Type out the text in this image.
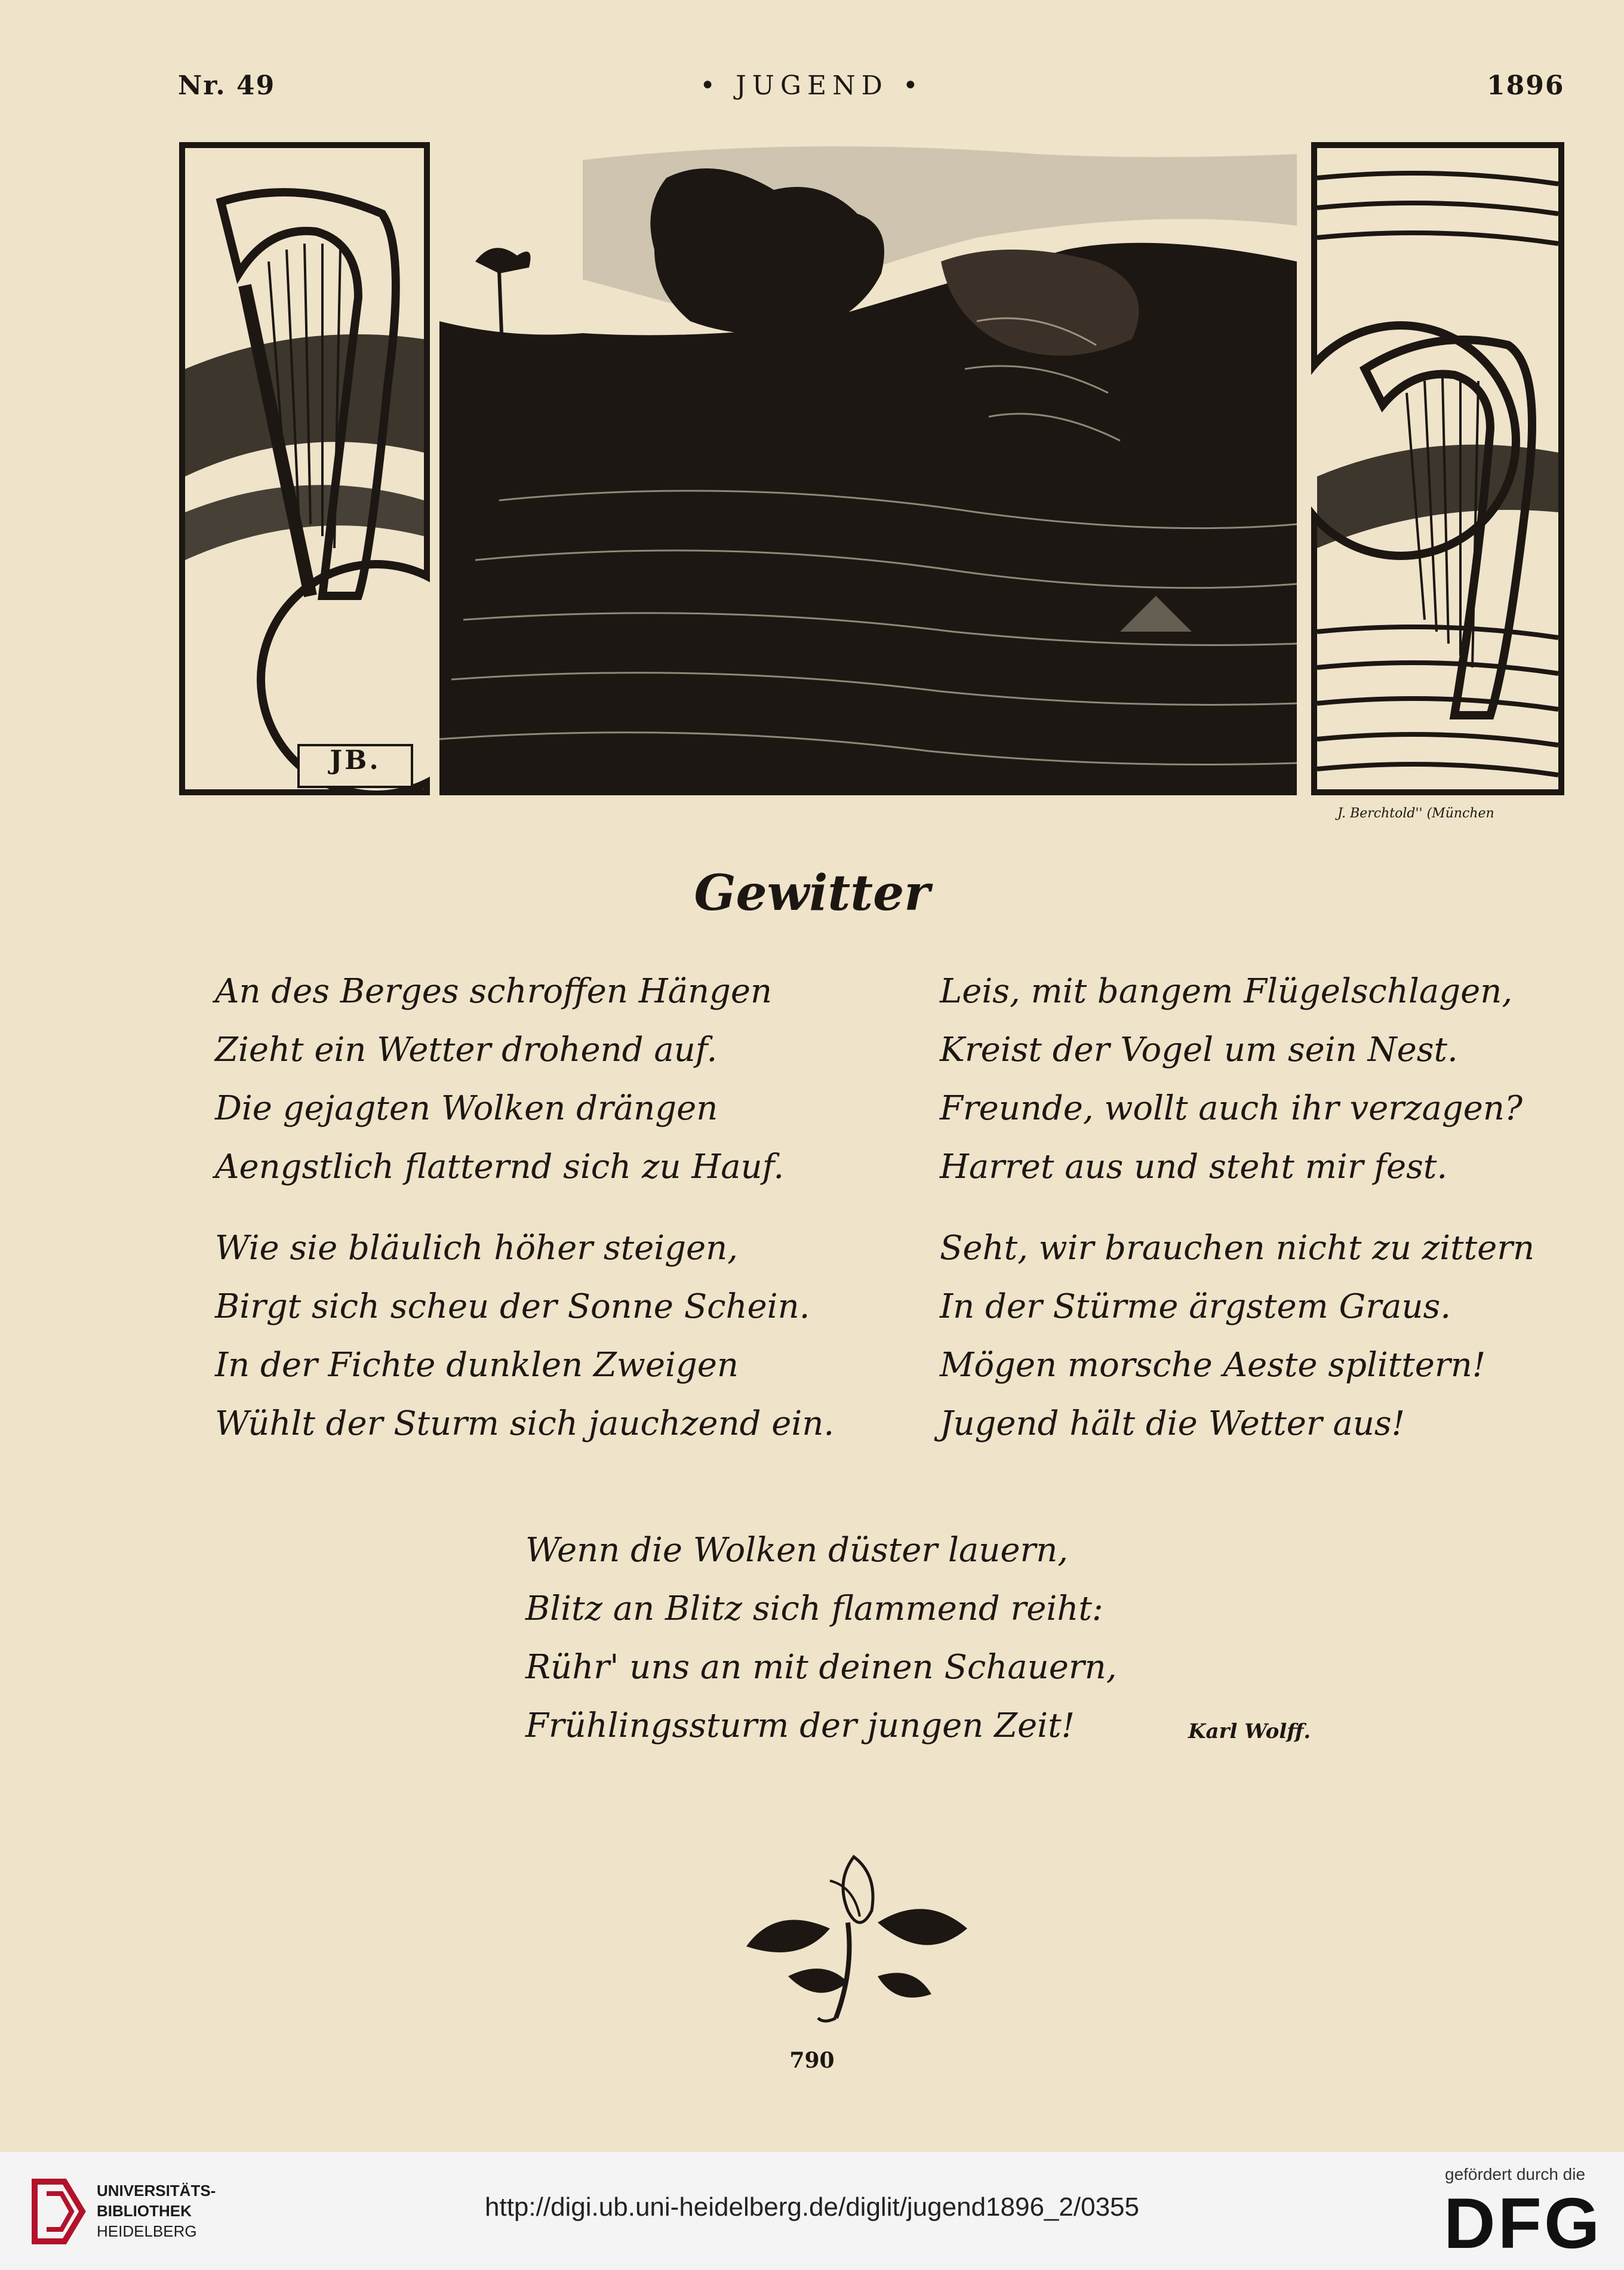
Nr. 49	• JUGEND •	1896
JB.
J. Berchtold'' (München
Gewitter
An des Berges schroffen Hängen
Zieht ein Wetter drohend auf.
Die gejagten Wolken drängen
Aengstlich flatternd sich zu Hauf.
Wie sie bläulich höher steigen,
Birgt sich scheu der Sonne Schein.
In der Fichte dunklen Zweigen
Wühlt der Sturm sich jauchzend ein.
Leis, mit bangem Flügelschlagen,
Kreist der Vogel um sein Nest.
Freunde, wollt auch ihr verzagen?
Harret aus und steht mir fest.
Seht, wir brauchen nicht zu zittern
In der Stürme ärgstem Graus.
Mögen morsche Aeste splittern!
Jugend hält die Wetter aus!
Wenn die Wolken düster lauern,
Blitz an Blitz sich flammend reiht:
Rühr' uns an mit deinen Schauern,
Frühlingssturm der jungen Zeit!	Karl Wolff.
790
UNIVERSITÄTS-
BIBLIOTHEK
HEIDELBERG
http://digi.ub.uni-heidelberg.de/diglit/jugend1896_2/0355
gefördert durch die
DFG
